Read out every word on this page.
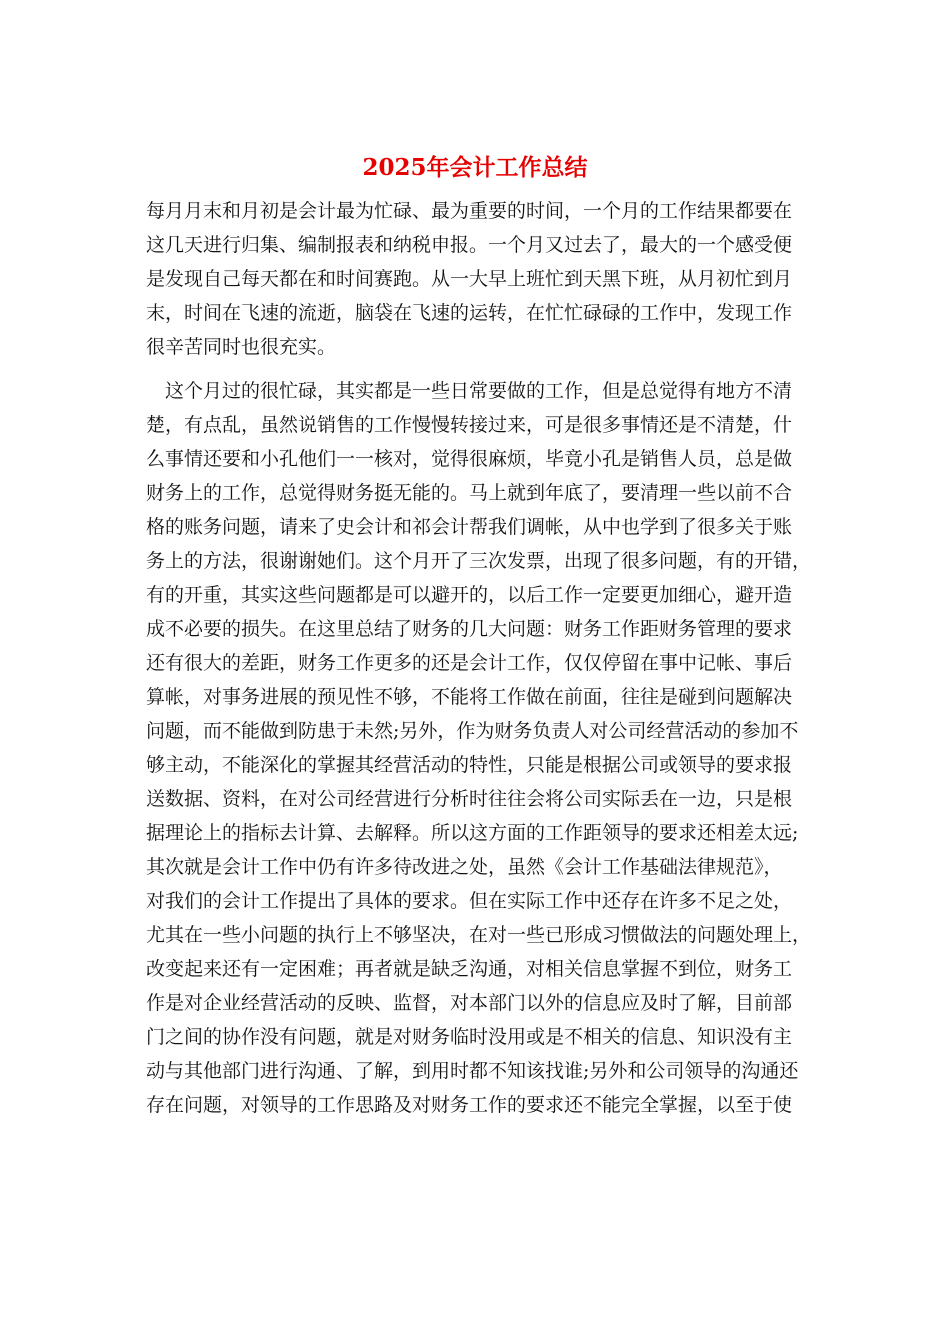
2025年会计工作总结

每月月末和月初是会计最为忙碌、最为重要的时间，一个月的工作结果都要在

这几天进行归集、编制报表和纳税申报。一个月又过去了，最大的一个感受便

是发现自己每天都在和时间赛跑。从一大早上班忙到天黑下班，从月初忙到月

末，时间在飞速的流逝，脑袋在飞速的运转，在忙忙碌碌的工作中，发现工作

很辛苦同时也很充实。

　这个月过的很忙碌，其实都是一些日常要做的工作，但是总觉得有地方不清

楚，有点乱，虽然说销售的工作慢慢转接过来，可是很多事情还是不清楚，什

么事情还要和小孔他们一一核对，觉得很麻烦，毕竟小孔是销售人员，总是做

财务上的工作，总觉得财务挺无能的。马上就到年底了，要清理一些以前不合

格的账务问题，请来了史会计和祁会计帮我们调帐，从中也学到了很多关于账

务上的方法，很谢谢她们。这个月开了三次发票，出现了很多问题，有的开错，

有的开重，其实这些问题都是可以避开的，以后工作一定要更加细心，避开造

成不必要的损失。在这里总结了财务的几大问题：财务工作距财务管理的要求

还有很大的差距，财务工作更多的还是会计工作，仅仅停留在事中记帐、事后

算帐，对事务进展的预见性不够，不能将工作做在前面，往往是碰到问题解决

问题，而不能做到防患于未然;另外，作为财务负责人对公司经营活动的参加不

够主动，不能深化的掌握其经营活动的特性，只能是根据公司或领导的要求报

送数据、资料，在对公司经营进行分析时往往会将公司实际丢在一边，只是根

据理论上的指标去计算、去解释。所以这方面的工作距领导的要求还相差太远;

其次就是会计工作中仍有许多待改进之处，虽然《会计工作基础法律规范》，

对我们的会计工作提出了具体的要求。但在实际工作中还存在许多不足之处，

尤其在一些小问题的执行上不够坚决，在对一些已形成习惯做法的问题处理上，

改变起来还有一定困难；再者就是缺乏沟通，对相关信息掌握不到位，财务工

作是对企业经营活动的反映、监督，对本部门以外的信息应及时了解，目前部

门之间的协作没有问题，就是对财务临时没用或是不相关的信息、知识没有主

动与其他部门进行沟通、了解，到用时都不知该找谁;另外和公司领导的沟通还

存在问题，对领导的工作思路及对财务工作的要求还不能完全掌握，以至于使
